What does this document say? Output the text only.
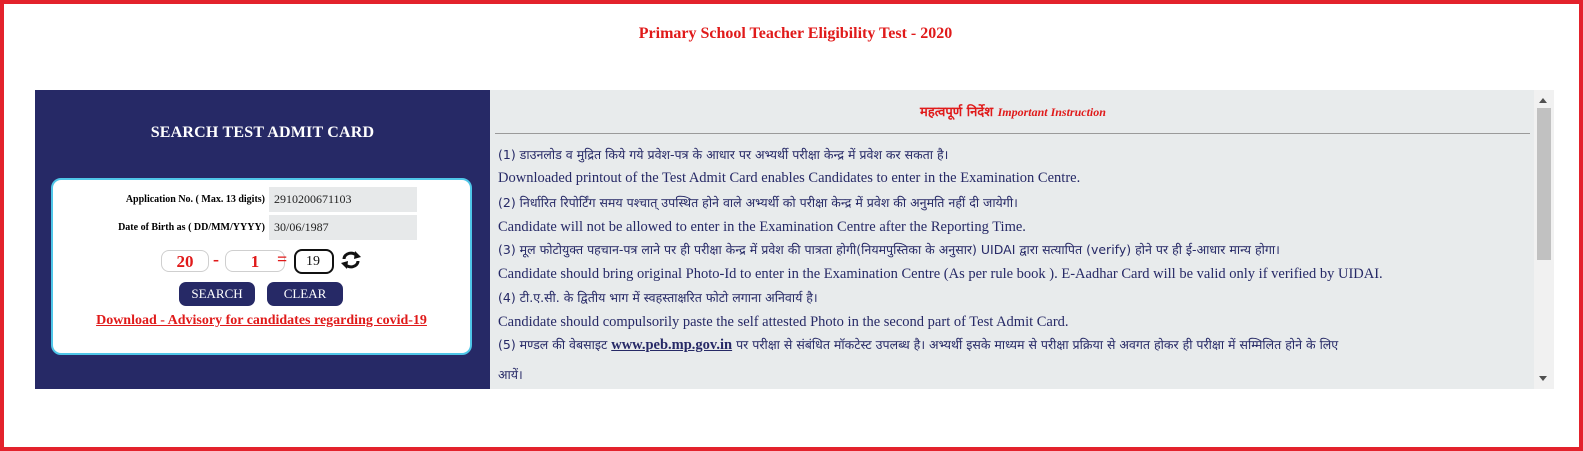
Primary School Teacher Eligibility Test - 2020
SEARCH TEST ADMIT CARD
Application No. ( Max. 13 digits)
2910200671103
Date of Birth as ( DD/MM/YYYY)
30/06/1987
20	-	1 =	19
SEARCH	CLEAR
Download - Advisory for candidates regarding covid-19
महत्वपूर्ण निर्देश Important Instruction
(1) डाउनलोड व मुद्रित किये गये प्रवेश-पत्र के आधार पर अभ्यर्थी परीक्षा केन्द्र में प्रवेश कर सकता है।
Downloaded printout of the Test Admit Card enables Candidates to enter in the Examination Centre.
(2) निर्धारित रिपोर्टिंग समय पश्चात् उपस्थित होने वाले अभ्यर्थी को परीक्षा केन्द्र में प्रवेश की अनुमति नहीं दी जायेगी।
Candidate will not be allowed to enter in the Examination Centre after the Reporting Time.
(3) मूल फोटोयुक्त पहचान-पत्र लाने पर ही परीक्षा केन्द्र में प्रवेश की पात्रता होगी(नियमपुस्तिका के अनुसार) UIDAI द्वारा सत्यापित (verify) होने पर ही ई-आधार मान्य होगा।
Candidate should bring original Photo-Id to enter in the Examination Centre (As per rule book ). E-Aadhar Card will be valid only if verified by UIDAI.
(4) टी.ए.सी. के द्वितीय भाग में स्वहस्ताक्षरित फोटो लगाना अनिवार्य है।
Candidate should compulsorily paste the self attested Photo in the second part of Test Admit Card.
(5) मण्डल की वेबसाइट www.peb.mp.gov.in पर परीक्षा से संबंधित मॉकटेस्ट उपलब्ध है। अभ्यर्थी इसके माध्यम से परीक्षा प्रक्रिया से अवगत होकर ही परीक्षा में सम्मिलित होने के लिए
आयें।
